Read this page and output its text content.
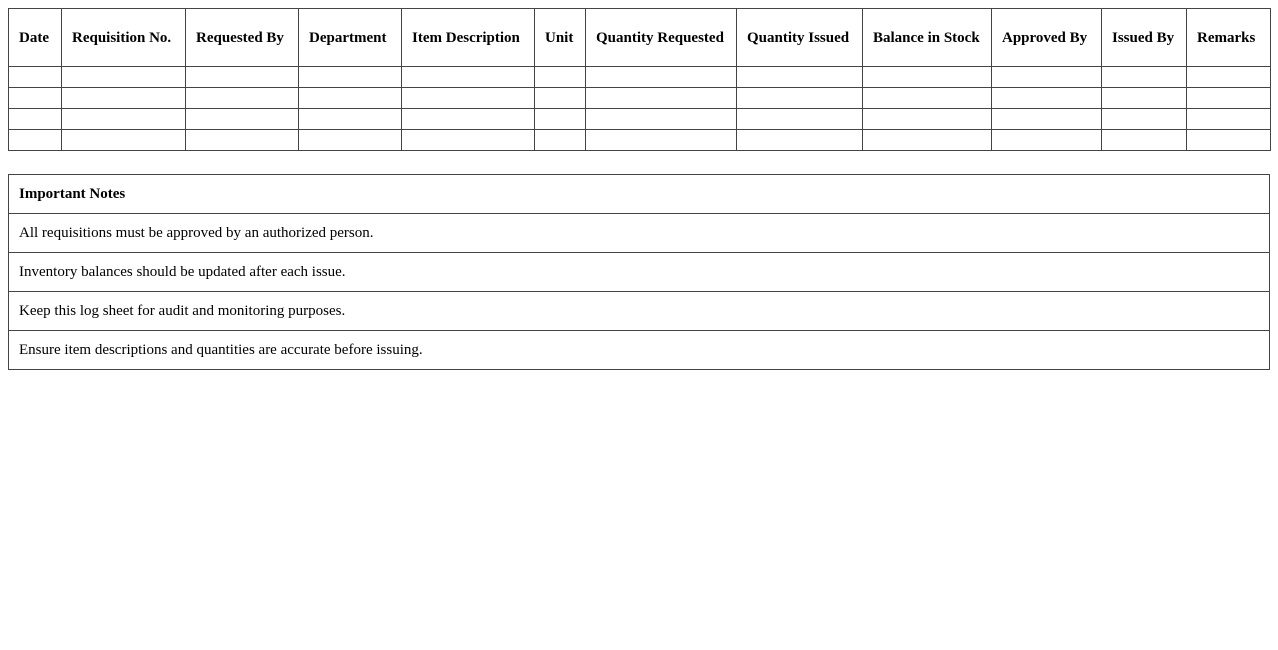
Date	Requisition No.	Requested By	Department	Item Description	Unit	Quantity Requested	Quantity Issued	Balance in Stock	Approved By	Issued By	Remarks

Important Notes
All requisitions must be approved by an authorized person.
Inventory balances should be updated after each issue.
Keep this log sheet for audit and monitoring purposes.
Ensure item descriptions and quantities are accurate before issuing.
